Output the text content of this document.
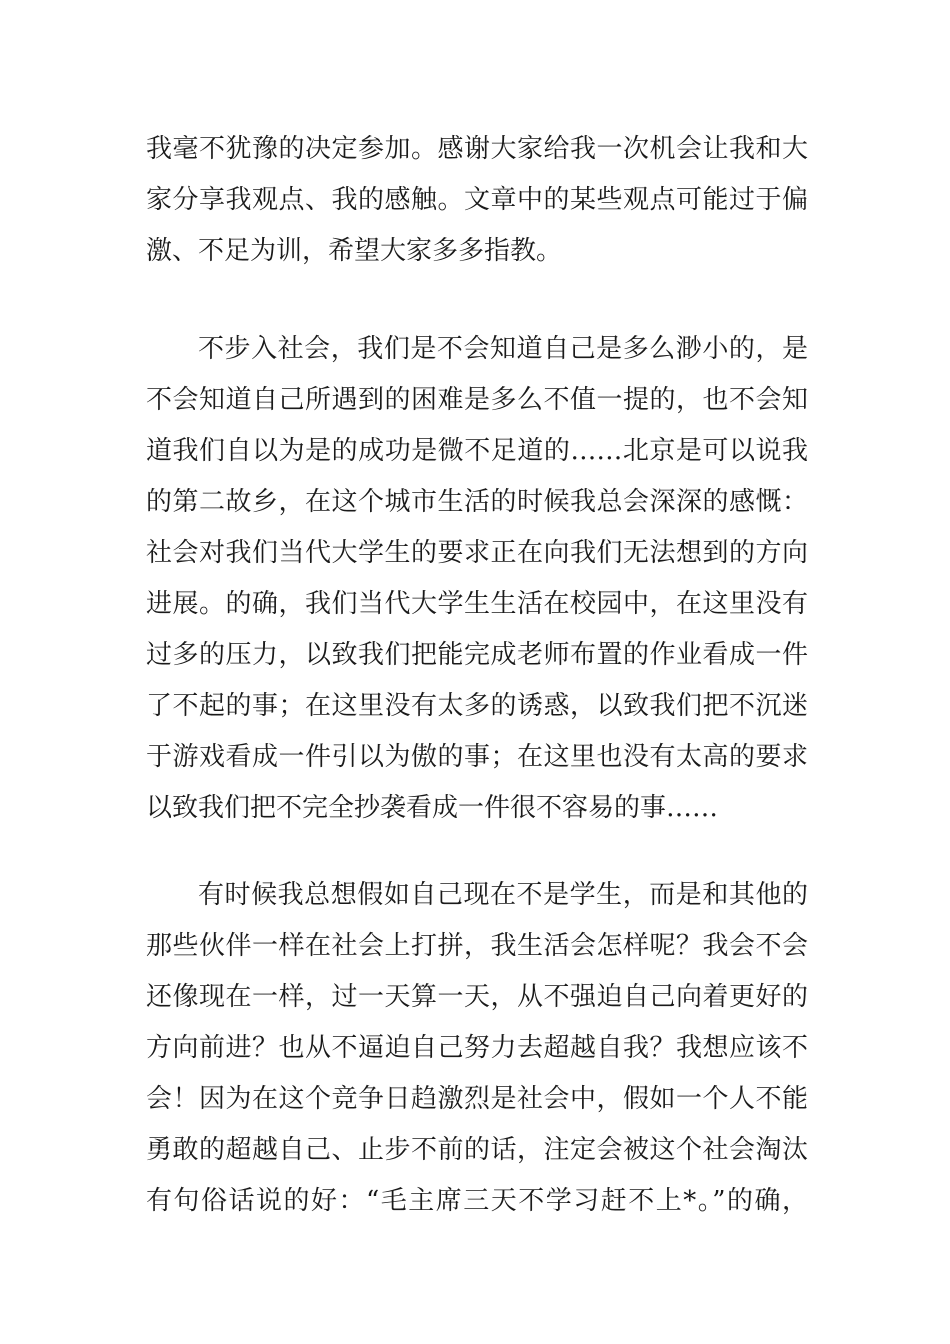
我毫不犹豫的决定参加。感谢大家给我一次机会让我和大
家分享我观点、我的感触。文章中的某些观点可能过于偏
激、不足为训，希望大家多多指教。
不步入社会，我们是不会知道自己是多么渺小的，是
不会知道自己所遇到的困难是多么不值一提的，也不会知
道我们自以为是的成功是微不足道的……北京是可以说我
的第二故乡，在这个城市生活的时候我总会深深的感慨：
社会对我们当代大学生的要求正在向我们无法想到的方向
进展。的确，我们当代大学生生活在校园中，在这里没有
过多的压力，以致我们把能完成老师布置的作业看成一件
了不起的事；在这里没有太多的诱惑，以致我们把不沉迷
于游戏看成一件引以为傲的事；在这里也没有太高的要求
以致我们把不完全抄袭看成一件很不容易的事……
有时候我总想假如自己现在不是学生，而是和其他的
那些伙伴一样在社会上打拼，我生活会怎样呢？我会不会
还像现在一样，过一天算一天，从不强迫自己向着更好的
方向前进？也从不逼迫自己努力去超越自我？我想应该不
会！因为在这个竞争日趋激烈是社会中，假如一个人不能
勇敢的超越自己、止步不前的话，注定会被这个社会淘汰
有句俗话说的好：“毛主席三天不学习赶不上*。”的确，
